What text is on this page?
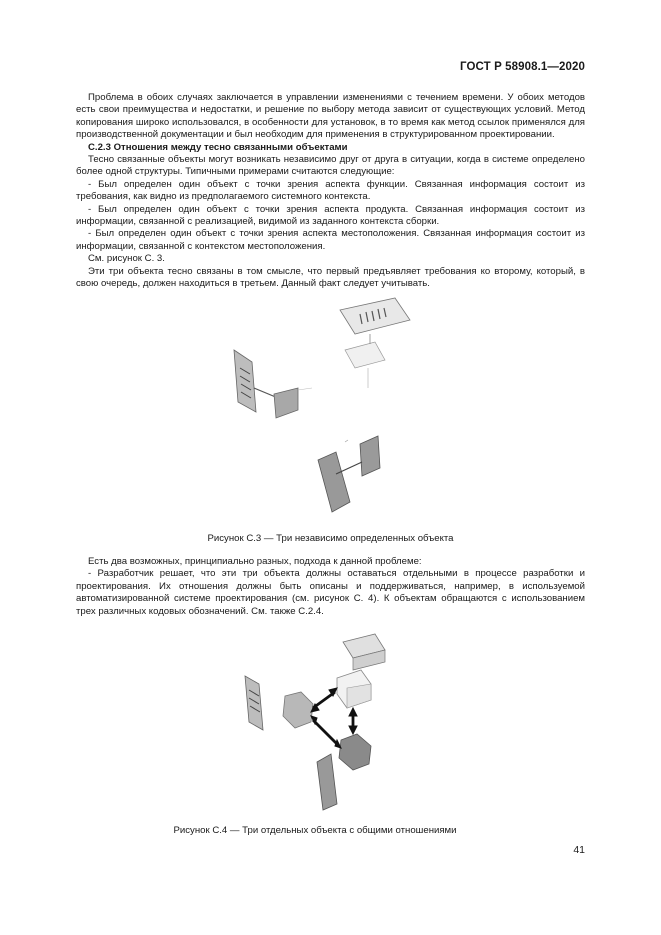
ГОСТ Р 58908.1—2020

Проблема в обоих случаях заключается в управлении изменениями с течением времени. У обоих методов есть свои преимущества и недостатки, и решение по выбору метода зависит от существующих условий. Метод копирования широко использовался, в особенности для установок, в то время как метод ссылок применялся для производственной документации и был необходим для применения в структурированном проектировании.

С.2.3 Отношения между тесно связанными объектами

Тесно связанные объекты могут возникать независимо друг от друга в ситуации, когда в системе определено более одной структуры. Типичными примерами считаются следующие:

- Был определен один объект с точки зрения аспекта функции. Связанная информация состоит из требования, как видно из предполагаемого системного контекста.

- Был определен один объект с точки зрения аспекта продукта. Связанная информация состоит из информации, связанной с реализацией, видимой из заданного контекста сборки.

- Был определен один объект с точки зрения аспекта местоположения. Связанная информация состоит из информации, связанной с контекстом местоположения.

См. рисунок С. 3.

Эти три объекта тесно связаны в том смысле, что первый предъявляет требования ко второму, который, в свою очередь, должен находиться в третьем. Данный факт следует учитывать.

Рисунок С.3 — Три независимо определенных объекта

Есть два возможных, принципиально разных, подхода к данной проблеме:

- Разработчик решает, что эти три объекта должны оставаться отдельными в процессе разработки и проектирования. Их отношения должны быть описаны и поддерживаться, например, в используемой автоматизированной системе проектирования (см. рисунок С. 4). К объектам обращаются с использованием трех различных кодовых обозначений. См. также С.2.4.

Рисунок С.4 — Три отдельных объекта с общими отношениями
41
